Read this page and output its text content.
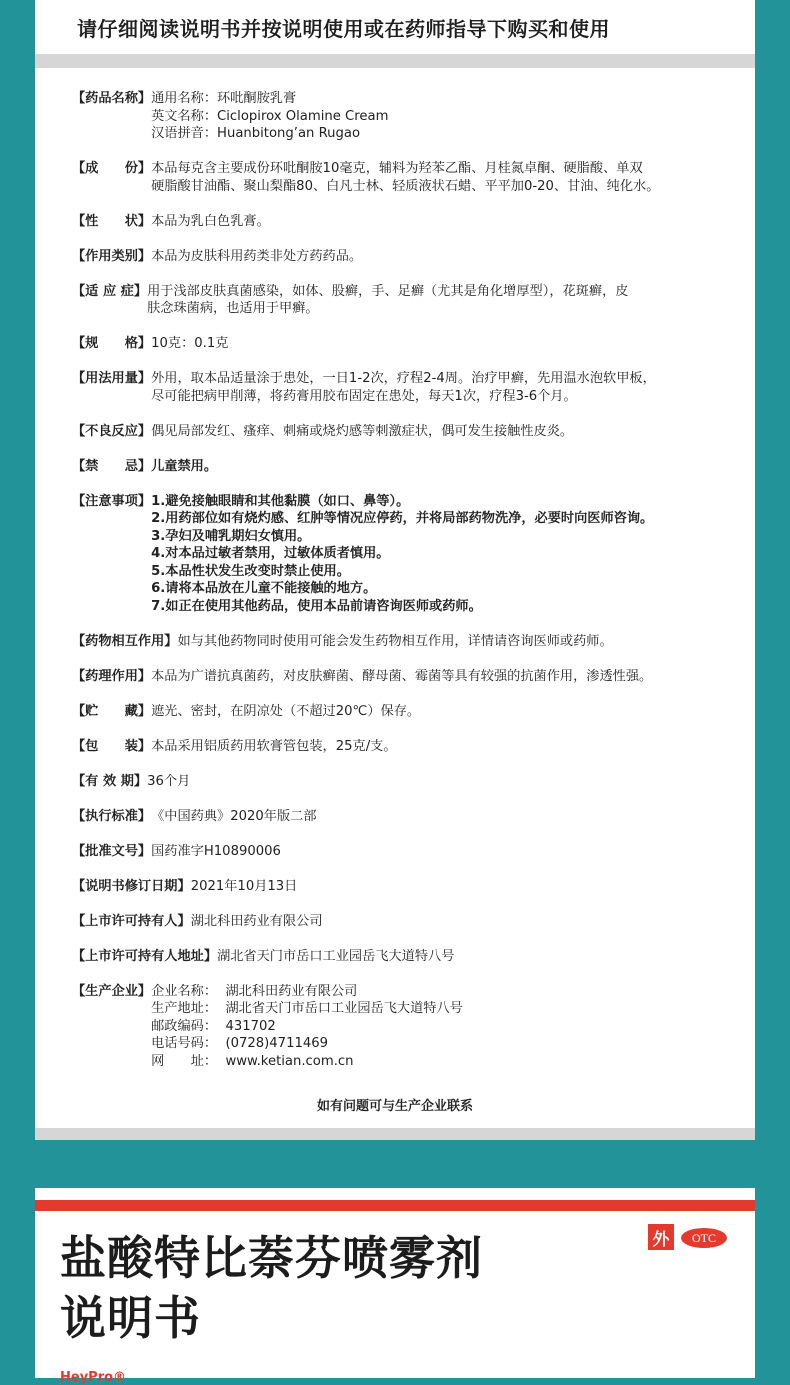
请仔细阅读说明书并按说明使用或在药师指导下购买和使用
【药品名称】 通用名称：环吡酮胺乳膏
英文名称：Ciclopirox Olamine Cream
汉语拼音：Huanbitong’an Rugao
【成　　份】 本品每克含主要成份环吡酮胺10毫克，辅料为羟苯乙酯、月桂氮卓酮、硬脂酸、单双
硬脂酸甘油酯、聚山梨酯80、白凡士林、轻质液状石蜡、平平加0-20、甘油、纯化水。
【性　　状】 本品为乳白色乳膏。
【作用类别】 本品为皮肤科用药类非处方药药品。
【适 应 症】 用于浅部皮肤真菌感染，如体、股癣，手、足癣（尤其是角化增厚型），花斑癣，皮
肤念珠菌病，也适用于甲癣。
【规　　格】 10克：0.1克
【用法用量】 外用，取本品适量涂于患处，一日1-2次，疗程2-4周。治疗甲癣，先用温水泡软甲板，
尽可能把病甲削薄，将药膏用胶布固定在患处，每天1次，疗程3-6个月。
【不良反应】 偶见局部发红、瘙痒、刺痛或烧灼感等刺激症状，偶可发生接触性皮炎。
【禁　　忌】 儿童禁用。
【注意事项】 1.避免接触眼睛和其他黏膜（如口、鼻等）。
2.用药部位如有烧灼感、红肿等情况应停药，并将局部药物洗净，必要时向医师咨询。
3.孕妇及哺乳期妇女慎用。
4.对本品过敏者禁用，过敏体质者慎用。
5.本品性状发生改变时禁止使用。
6.请将本品放在儿童不能接触的地方。
7.如正在使用其他药品，使用本品前请咨询医师或药师。
【药物相互作用】 如与其他药物同时使用可能会发生药物相互作用，详情请咨询医师或药师。
【药理作用】 本品为广谱抗真菌药，对皮肤癣菌、酵母菌、霉菌等具有较强的抗菌作用，渗透性强。
【贮　　藏】 遮光、密封，在阴凉处（不超过20℃）保存。
【包　　装】 本品采用铝质药用软膏管包装，25克/支。
【有 效 期】 36个月
【执行标准】 《中国药典》2020年版二部
【批准文号】 国药准字H10890006
【说明书修订日期】 2021年10月13日
【上市许可持有人】 湖北科田药业有限公司
【上市许可持有人地址】 湖北省天门市岳口工业园岳飞大道特八号
【生产企业】 企业名称：  湖北科田药业有限公司
生产地址：  湖北省天门市岳口工业园岳飞大道特八号
邮政编码：  431702
电话号码：  (0728)4711469
网　　址：  www.ketian.com.cn
如有问题可与生产企业联系
盐酸特比萘芬喷雾剂
说明书
外	OTC
HeyPro®
